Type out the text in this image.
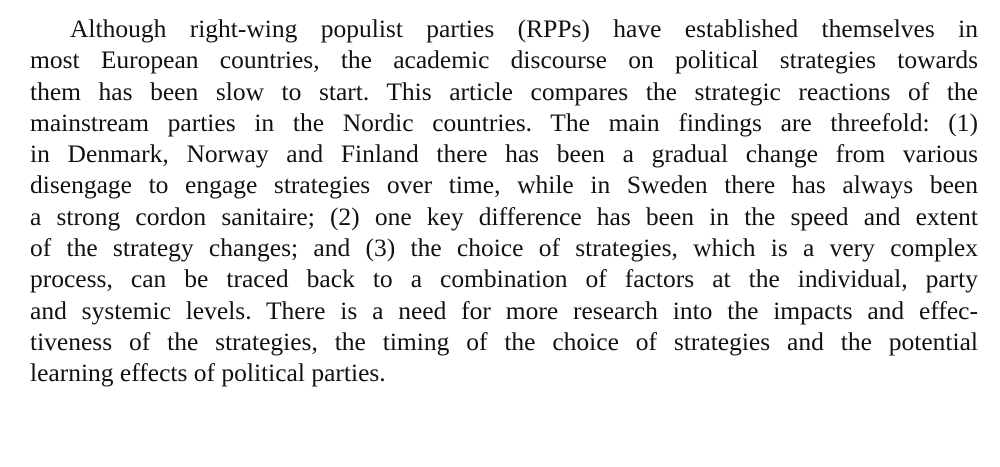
Although right-wing populist parties (RPPs) have established themselves in
most European countries, the academic discourse on political strategies towards
them has been slow to start. This article compares the strategic reactions of the
mainstream parties in the Nordic countries. The main findings are threefold: (1)
in Denmark, Norway and Finland there has been a gradual change from various
disengage to engage strategies over time, while in Sweden there has always been
a strong cordon sanitaire; (2) one key difference has been in the speed and extent
of the strategy changes; and (3) the choice of strategies, which is a very complex
process, can be traced back to a combination of factors at the individual, party
and systemic levels. There is a need for more research into the impacts and effec-
tiveness of the strategies, the timing of the choice of strategies and the potential
learning effects of political parties.
